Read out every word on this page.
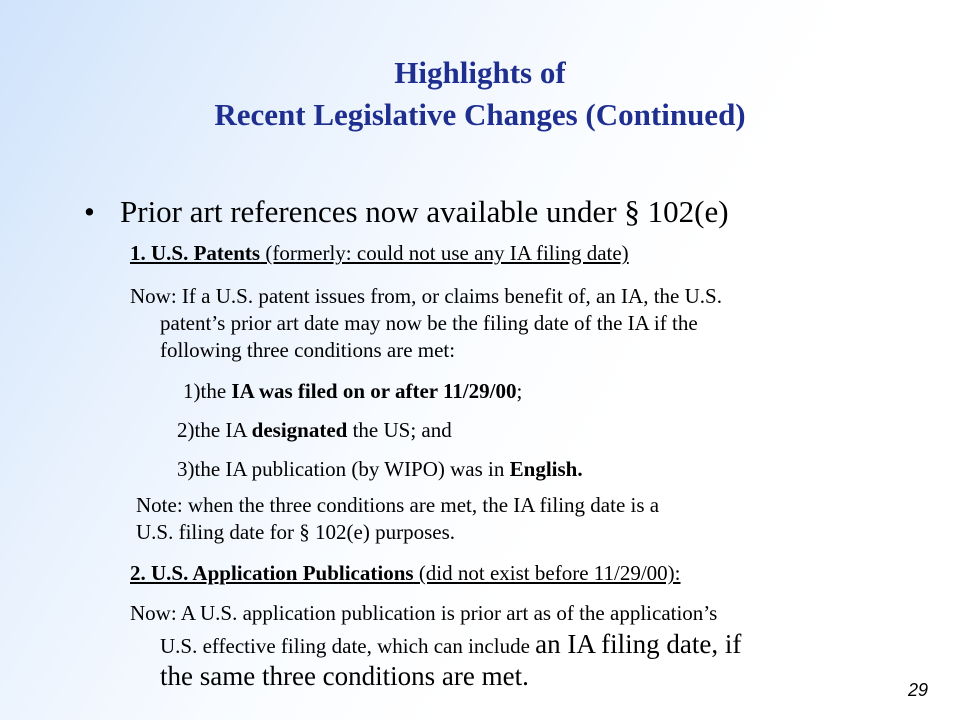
Highlights of
Recent Legislative Changes (Continued)
• Prior art references now available under § 102(e)
1. U.S. Patents (formerly: could not use any IA filing date)
Now: If a U.S. patent issues from, or claims benefit of, an IA, the U.S.
patent’s prior art date may now be the filing date of the IA if the
following three conditions are met:
1)the IA was filed on or after 11/29/00;
2)the IA designated the US; and
3)the IA publication (by WIPO) was in English.
Note: when the three conditions are met, the IA filing date is a
U.S. filing date for § 102(e) purposes.
2. U.S. Application Publications (did not exist before 11/29/00):
Now: A U.S. application publication is prior art as of the application’s
U.S. effective filing date, which can include an IA filing date, if
the same three conditions are met.	29
